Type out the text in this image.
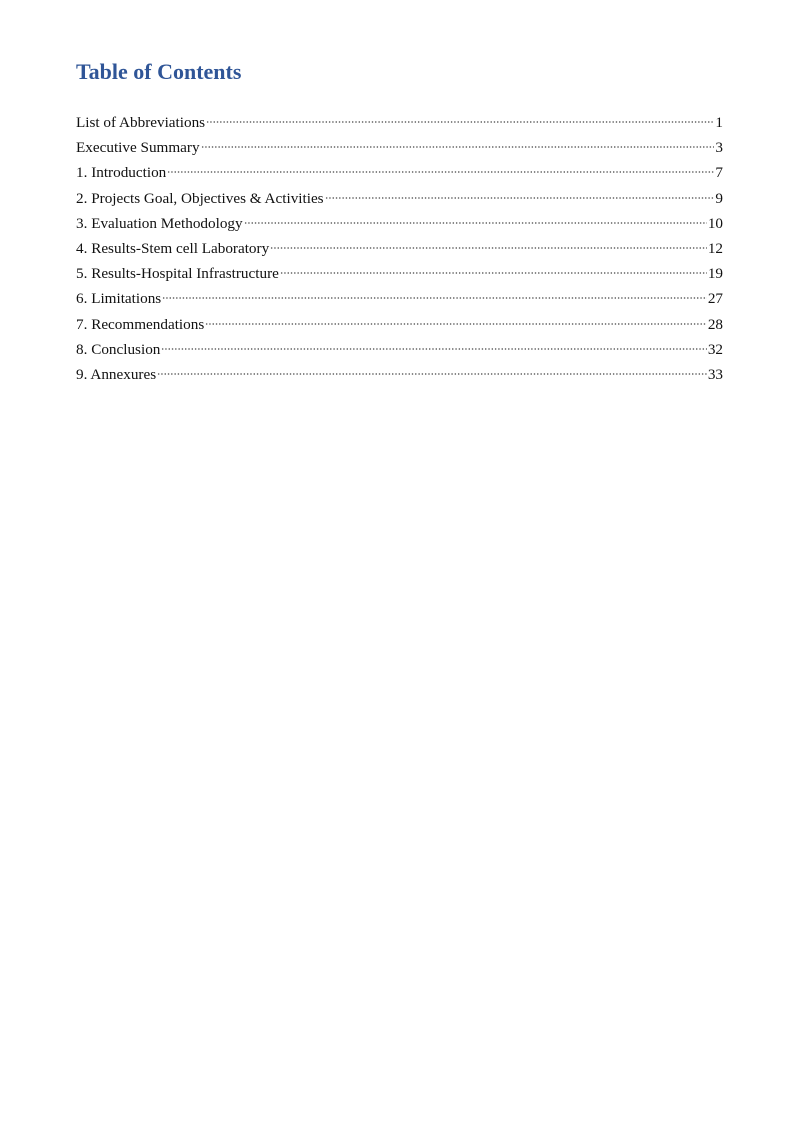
Table of Contents
List of Abbreviations	1
Executive Summary	3
1. Introduction	7
2. Projects Goal, Objectives & Activities	9
3. Evaluation Methodology	10
4. Results-Stem cell Laboratory	12
5. Results-Hospital Infrastructure	19
6. Limitations	27
7. Recommendations	28
8. Conclusion	32
9. Annexures	33
